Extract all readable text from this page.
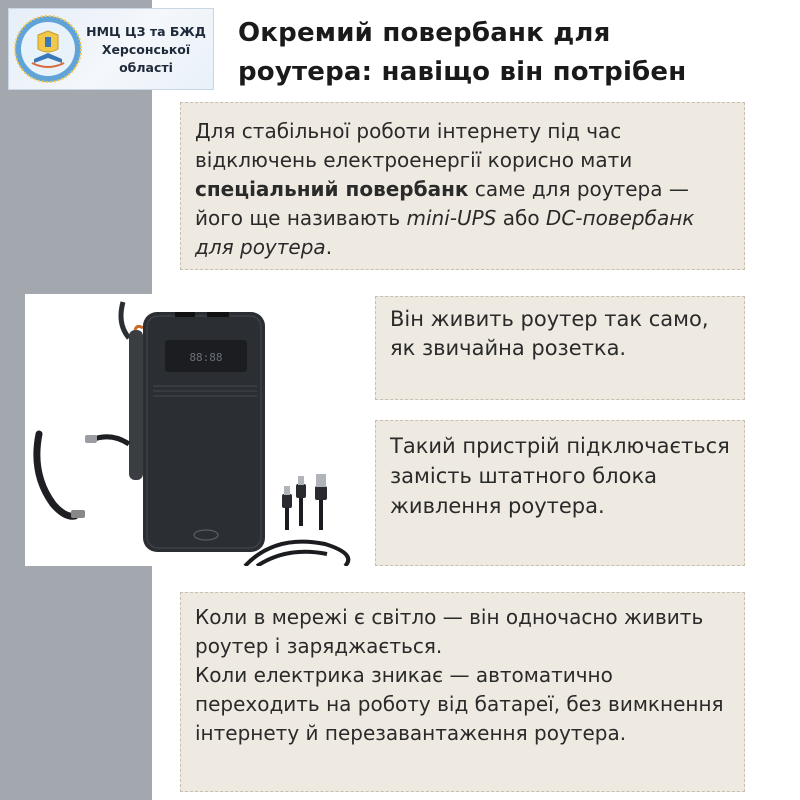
НМЦ ЦЗ та БЖД
Херсонської
області
Окремий повербанк для
роутера: навіщо він потрібен
Для стабільної роботи інтернету під час відключень електроенергії корисно мати спеціальний повербанк саме для роутера — його ще називають mini-UPS або DC-повербанк для роутера.
88:88
Він живить роутер так само, як звичайна розетка.
Такий пристрій підключається замість штатного блока живлення роутера.
Коли в мережі є світло — він одночасно живить роутер і заряджається.
Коли електрика зникає — автоматично переходить на роботу від батареї, без вимкнення інтернету й перезавантаження роутера.
